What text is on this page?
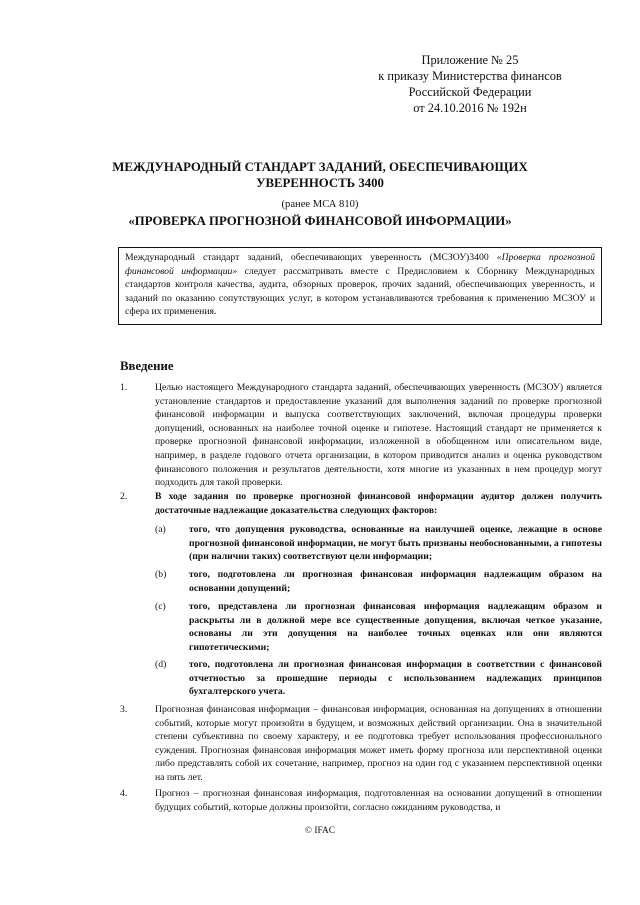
Приложение № 25
к приказу Министерства финансов
Российской Федерации
от 24.10.2016 № 192н
МЕЖДУНАРОДНЫЙ СТАНДАРТ ЗАДАНИЙ, ОБЕСПЕЧИВАЮЩИХ УВЕРЕННОСТЬ 3400
(ранее МСА 810)
«ПРОВЕРКА ПРОГНОЗНОЙ ФИНАНСОВОЙ ИНФОРМАЦИИ»
Международный стандарт заданий, обеспечивающих уверенность (МСЗОУ)3400 «Проверка прогнозной финансовой информации» следует рассматривать вместе с Предисловием к Сборнику Международных стандартов контроля качества, аудита, обзорных проверок, прочих заданий, обеспечивающих уверенность, и заданий по оказанию сопутствующих услуг, в котором устанавливаются требования к применению МСЗОУ и сфера их применения.
Введение
1.	Целью настоящего Международного стандарта заданий, обеспечивающих уверенность (МСЗОУ) является установление стандартов и предоставление указаний для выполнения заданий по проверке прогнозной финансовой информации и выпуска соответствующих заключений, включая процедуры проверки допущений, основанных на наиболее точной оценке и гипотезе. Настоящий стандарт не применяется к проверке прогнозной финансовой информации, изложенной в обобщенном или описательном виде, например, в разделе годового отчета организации, в котором приводится анализ и оценка руководством финансового положения и результатов деятельности, хотя многие из указанных в нем процедур могут подходить для такой проверки.
2.	В ходе задания по проверке прогнозной финансовой информации аудитор должен получить достаточные надлежащие доказательства следующих факторов:
(a)	того, что допущения руководства, основанные на наилучшей оценке, лежащие в основе прогнозной финансовой информации, не могут быть признаны необоснованными, а гипотезы (при наличии таких) соответствуют цели информации;
(b)	того, подготовлена ли прогнозная финансовая информация надлежащим образом на основании допущений;
(c)	того, представлена ли прогнозная финансовая информация надлежащим образом и раскрыты ли в должной мере все существенные допущения, включая четкое указание, основаны ли эти допущения на наиболее точных оценках или они являются гипотетическими;
(d)	того, подготовлена ли прогнозная финансовая информация в соответствии с финансовой отчетностью за прошедшие периоды с использованием надлежащих принципов бухгалтерского учета.
3.	Прогнозная финансовая информация – финансовая информация, основанная на допущениях в отношении событий, которые могут произойти в будущем, и возможных действий организации. Она в значительной степени субъективна по своему характеру, и ее подготовка требует использования профессионального суждения. Прогнозная финансовая информация может иметь форму прогноза или перспективной оценки либо представлять собой их сочетание, например, прогноз на один год с указанием перспективной оценки на пять лет.
4.	Прогноз – прогнозная финансовая информация, подготовленная на основании допущений в отношении будущих событий, которые должны произойти, согласно ожиданиям руководства, и
© IFAC
